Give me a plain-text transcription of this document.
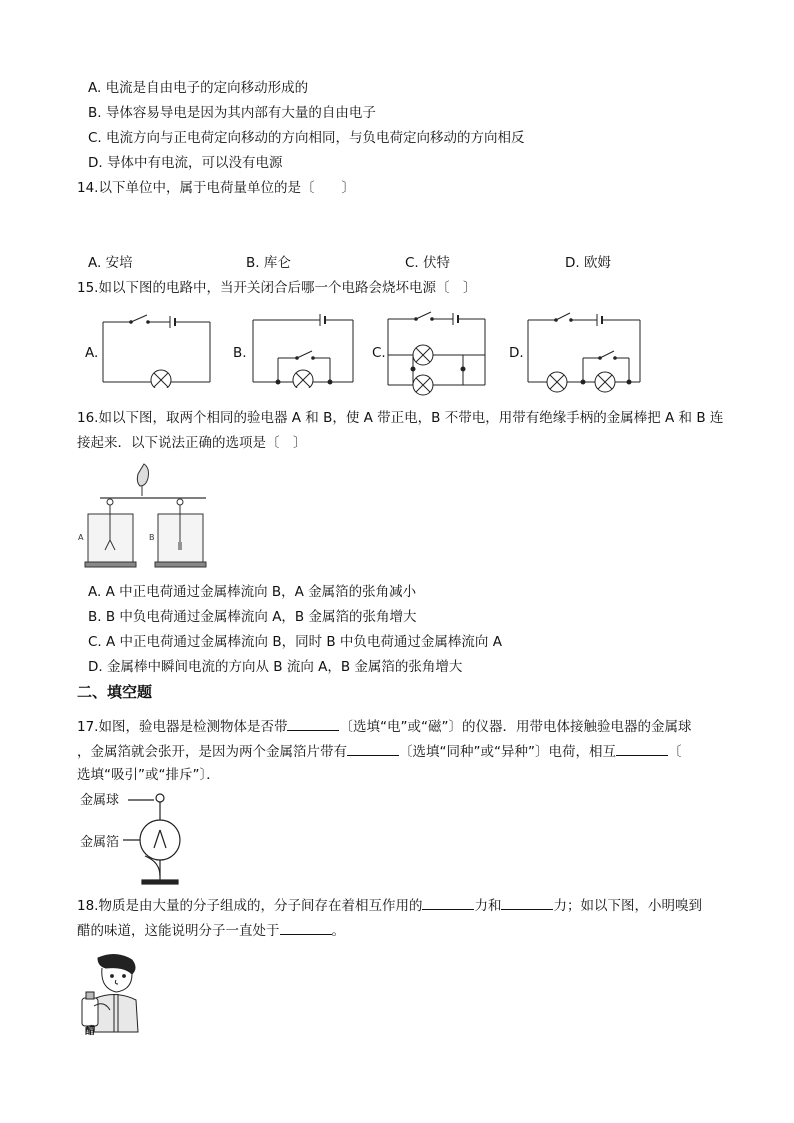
A. 电流是自由电子的定向移动形成的
B. 导体容易导电是因为其内部有大量的自由电子
C. 电流方向与正电荷定向移动的方向相同，与负电荷定向移动的方向相反
D. 导体中有电流，可以没有电源
14.以下单位中，属于电荷量单位的是〔　　〕
A. 安培	B. 库仑	C. 伏特	D. 欧姆
15.如以下图的电路中，当开关闭合后哪一个电路会烧坏电源〔　〕
A.	B.	C.	D.
16.如以下图，取两个相同的验电器 A 和 B，使 A 带正电，B 不带电，用带有绝缘手柄的金属棒把 A 和 B 连
接起来．以下说法正确的选项是〔　〕
A	B
A. A 中正电荷通过金属棒流向 B，A 金属箔的张角减小
B. B 中负电荷通过金属棒流向 A，B 金属箔的张角增大
C. A 中正电荷通过金属棒流向 B，同时 B 中负电荷通过金属棒流向 A
D. 金属棒中瞬间电流的方向从 B 流向 A，B 金属箔的张角增大
二、填空题
17.如图，验电器是检测物体是否带	〔选填“电”或“磁”〕的仪器．用带电体接触验电器的金属球
，金属箔就会张开，是因为两个金属箔片带有	〔选填“同种”或“异种”〕电荷，相互	〔
选填“吸引”或“排斥”〕．
金属球
金属箔
18.物质是由大量的分子组成的，分子间存在着相互作用的	力和	力；如以下图，小明嗅到
醋的味道，这能说明分子一直处于	。
醋
